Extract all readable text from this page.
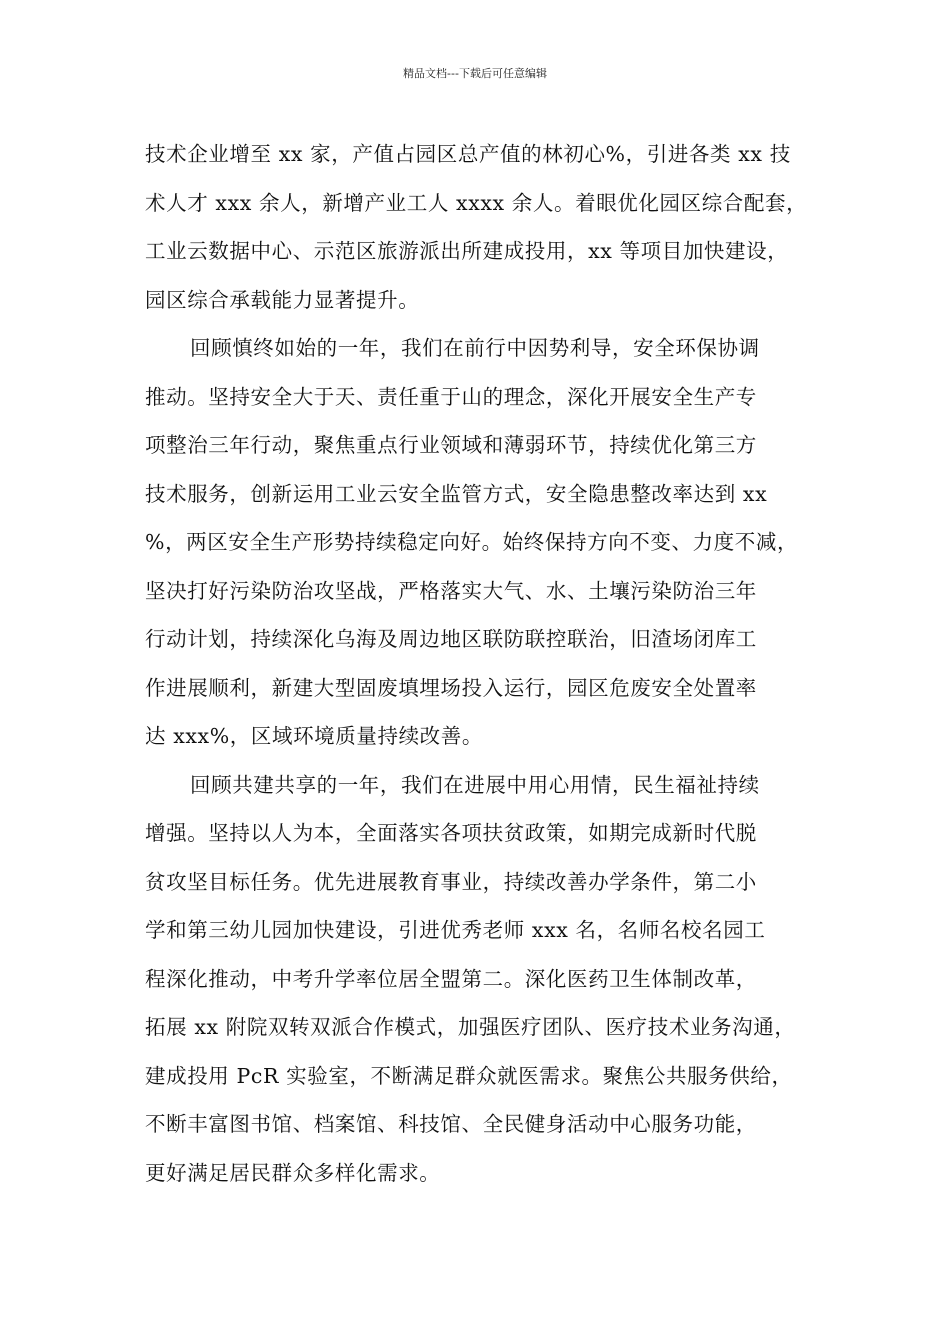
精品文档---下载后可任意编辑
技术企业增至 xx 家，产值占园区总产值的林初心%，引进各类 xx 技
术人才 xxx 余人，新增产业工人 xxxx 余人。着眼优化园区综合配套，
工业云数据中心、示范区旅游派出所建成投用，xx 等项目加快建设，
园区综合承载能力显著提升。
回顾慎终如始的一年，我们在前行中因势利导，安全环保协调
推动。坚持安全大于天、责任重于山的理念，深化开展安全生产专
项整治三年行动，聚焦重点行业领域和薄弱环节，持续优化第三方
技术服务，创新运用工业云安全监管方式，安全隐患整改率达到 xx
%，两区安全生产形势持续稳定向好。始终保持方向不变、力度不减，
坚决打好污染防治攻坚战，严格落实大气、水、土壤污染防治三年
行动计划，持续深化乌海及周边地区联防联控联治，旧渣场闭库工
作进展顺利，新建大型固废填埋场投入运行，园区危废安全处置率
达 xxx%，区域环境质量持续改善。
回顾共建共享的一年，我们在进展中用心用情，民生福祉持续
增强。坚持以人为本，全面落实各项扶贫政策，如期完成新时代脱
贫攻坚目标任务。优先进展教育事业，持续改善办学条件，第二小
学和第三幼儿园加快建设，引进优秀老师 xxx 名，名师名校名园工
程深化推动，中考升学率位居全盟第二。深化医药卫生体制改革，
拓展 xx 附院双转双派合作模式，加强医疗团队、医疗技术业务沟通，
建成投用 PcR 实验室，不断满足群众就医需求。聚焦公共服务供给，
不断丰富图书馆、档案馆、科技馆、全民健身活动中心服务功能，
更好满足居民群众多样化需求。
